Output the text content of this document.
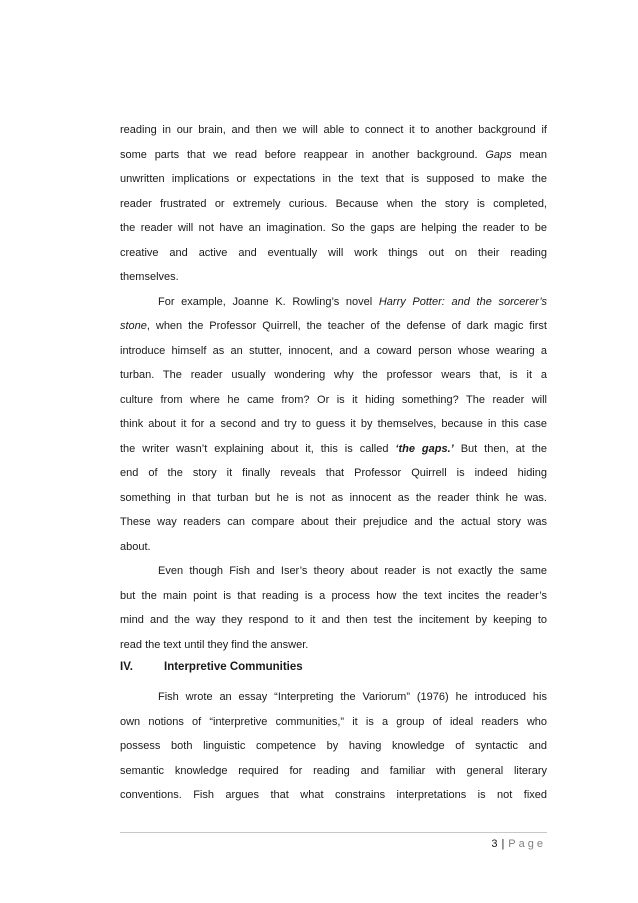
reading in our brain, and then we will able to connect it to another background if
some parts that we read before reappear in another background. Gaps mean
unwritten implications or expectations in the text that is supposed to make the
reader frustrated or extremely curious. Because when the story is completed,
the reader will not have an imagination. So the gaps are helping the reader to be
creative and active and eventually will work things out on their reading
themselves.
For example, Joanne K. Rowling’s novel Harry Potter: and the sorcerer’s
stone, when the Professor Quirrell, the teacher of the defense of dark magic first
introduce himself as an stutter, innocent, and a coward person whose wearing a
turban. The reader usually wondering why the professor wears that, is it a
culture from where he came from? Or is it hiding something? The reader will
think about it for a second and try to guess it by themselves, because in this case
the writer wasn’t explaining about it, this is called ‘the gaps.’ But then, at the
end of the story it finally reveals that Professor Quirrell is indeed hiding
something in that turban but he is not as innocent as the reader think he was.
These way readers can compare about their prejudice and the actual story was
about.
Even though Fish and Iser’s theory about reader is not exactly the same
but the main point is that reading is a process how the text incites the reader’s
mind and the way they respond to it and then test the incitement by keeping to
read the text until they find the answer.
IV.	Interpretive Communities
Fish wrote an essay “Interpreting the Variorum” (1976) he introduced his
own notions of “interpretive communities,” it is a group of ideal readers who
possess both linguistic competence by having knowledge of syntactic and
semantic knowledge required for reading and familiar with general literary
conventions. Fish argues that what constrains interpretations is not fixed
3 | Page
